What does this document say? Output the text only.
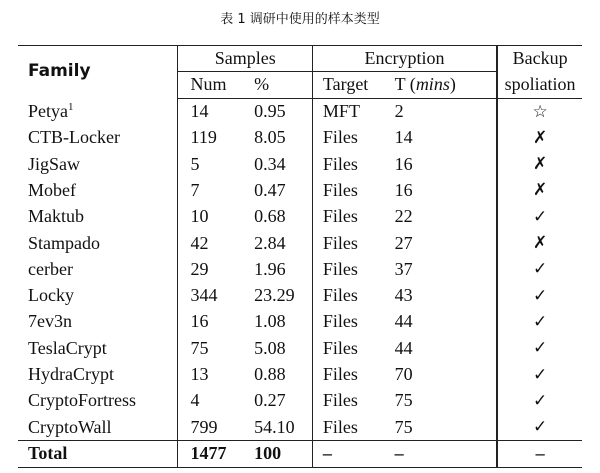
表 1 调研中使用的样本类型
Family	Samples		Encryption		Backup
	Num	%	Target	T (mins)	spoliation
Petya$^1$	14	0.95	MFT	2	☆
CTB-Locker	119	8.05	Files	14	✗
JigSaw	5	0.34	Files	16	✗
Mobef	7	0.47	Files	16	✗
Maktub	10	0.68	Files	22	✓
Stampado	42	2.84	Files	27	✗
cerber	29	1.96	Files	37	✓
Locky	344	23.29	Files	43	✓
7ev3n	16	1.08	Files	44	✓
TeslaCrypt	75	5.08	Files	44	✓
HydraCrypt	13	0.88	Files	70	✓
CryptoFortress	4	0.27	Files	75	✓
CryptoWall	799	54.10	Files	75	✓
Total	1477	100	–	–	–
